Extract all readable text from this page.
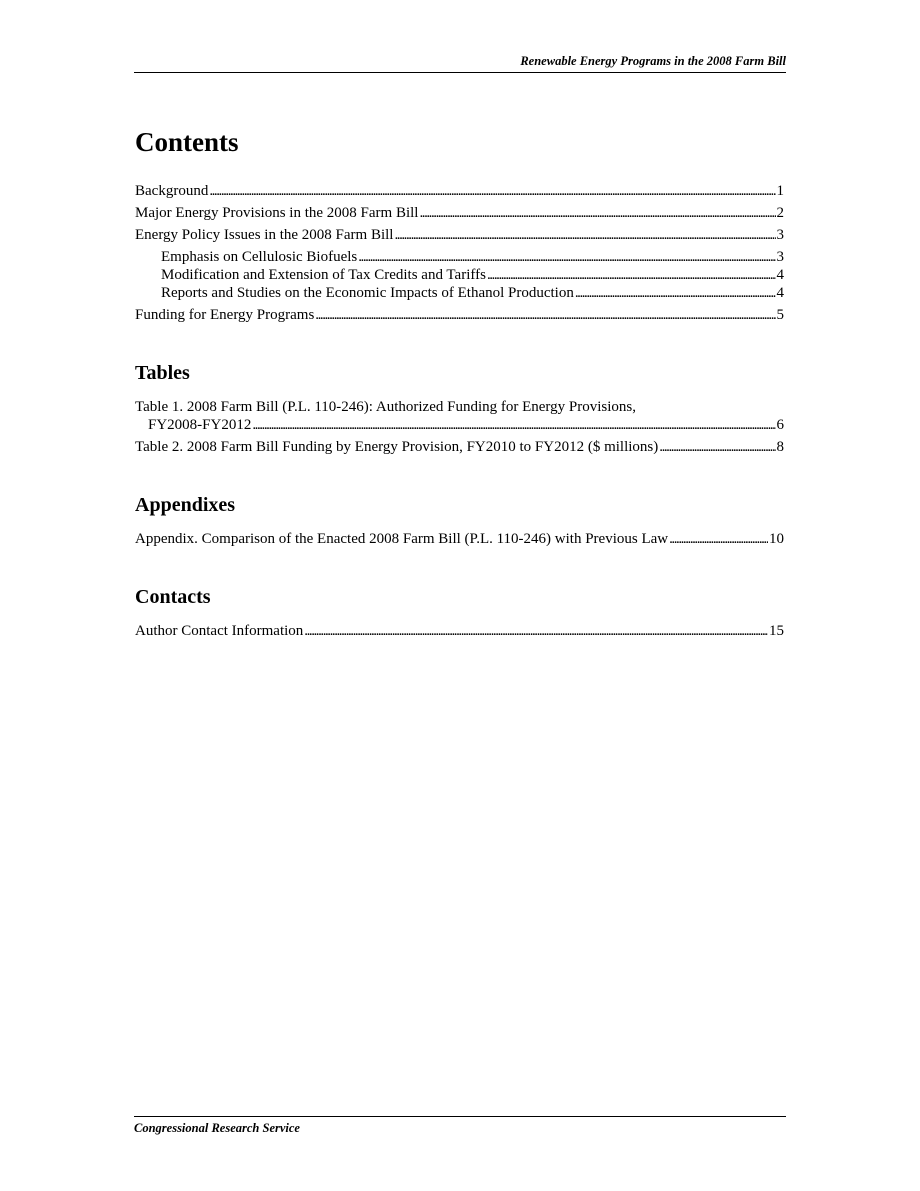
Renewable Energy Programs in the 2008 Farm Bill
Contents
Background . . .	1
Major Energy Provisions in the 2008 Farm Bill . . .	2
Energy Policy Issues in the 2008 Farm Bill . . .	3
Emphasis on Cellulosic Biofuels . . .	3
Modification and Extension of Tax Credits and Tariffs . . .	4
Reports and Studies on the Economic Impacts of Ethanol Production . . .	4
Funding for Energy Programs . . .	5
Tables
Table 1. 2008 Farm Bill (P.L. 110-246): Authorized Funding for Energy Provisions,
FY2008-FY2012 . . .	6
Table 2. 2008 Farm Bill Funding by Energy Provision, FY2010 to FY2012 ($ millions) . . .	8
Appendixes
Appendix. Comparison of the Enacted 2008 Farm Bill (P.L. 110-246) with Previous Law . . .	10
Contacts
Author Contact Information . . .	15
Congressional Research Service
